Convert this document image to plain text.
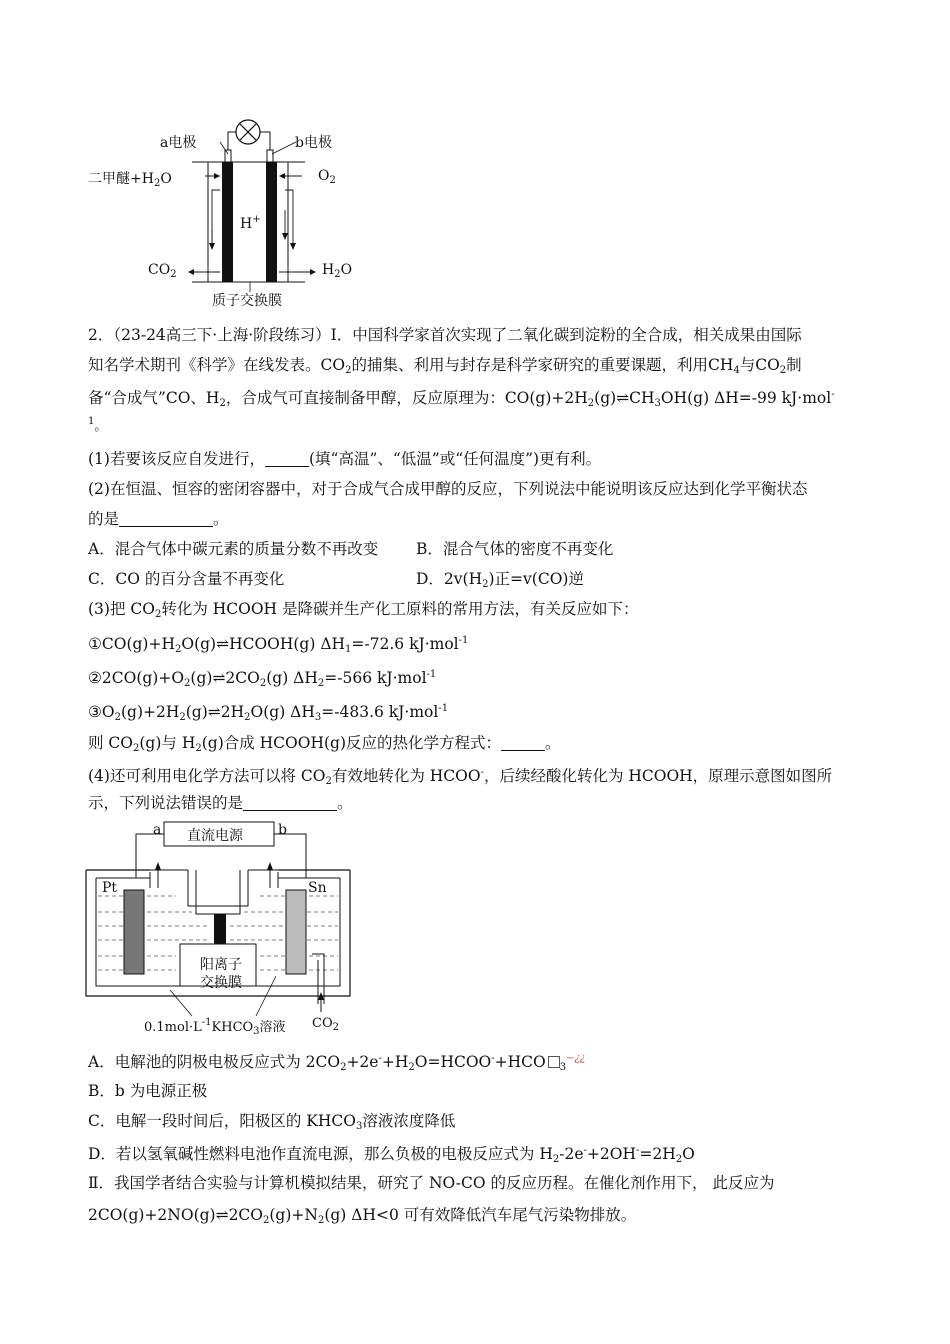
a电极	b电极
二甲醚$+H_2O$	$O_2$
H+
$CO_2$	$H_2O$
质子交换膜
2．（23-24高三下·上海·阶段练习）I．中国科学家首次实现了二氧化碳到淀粉的全合成，相关成果由国际
知名学术期刊《科学》在线发表。$CO_2$的捕集、利用与封存是科学家研究的重要课题，利用$CH_4$与$CO_2$制
备“合成气”CO、$H_2$，合成气可直接制备甲醇，反应原理为：$CO(g)+2H_2(g)\rightleftharpoons CH_3OH(g)$ ΔH=-99 kJ·mol-
$^1$。
(1)若要该反应自发进行，	(填“高温”、“低温”或“任何温度”)更有利。
(2)在恒温、恒容的密闭容器中，对于合成气合成甲醇的反应，下列说法中能说明该反应达到化学平衡状态
的是	。
A．混合气体中碳元素的质量分数不再改变 B．混合气体的密度不再变化
C．CO 的百分含量不再变化	D．$2v(H_2)$正=v(CO)逆
(3)把 $CO_2$转化为 HCOOH 是降碳并生产化工原料的常用方法，有关反应如下：
$①CO(g)+H_2O(g)\rightleftharpoons HCOOH(g)$ $\Delta H_1=-72.6$ kJ·mol$^{-1}$
$②2CO(g)+O_2(g)\rightleftharpoons 2CO_2(g)$ $\Delta H_2=-566$ kJ·mol$^{-1}$
$③O_2(g)+2H_2(g)\rightleftharpoons 2H_2O(g)$ $\Delta H_3=-483.6$ kJ·mol$^{-1}$
则 $CO_2(g)$与 $H_2(g)$合成 HCOOH(g)反应的热化学方程式：	。
(4)还可利用电化学方法可以将 $CO_2$有效地转化为 HCOO-，后续经酸化转化为 HCOOH，原理示意图如图所
示，下列说法错误的是	。
直流电源
a	b
Pt	Sn
阳离子
交换膜
$0.1mol\cdot L^{-1}KHCO_3$溶液 $CO_2$
A．电解池的阴极电极反应式为 $2CO_2+2e^-+H_2O=HCOO^-+HCO$ $_3$−¿¿
B．b 为电源正极
C．电解一段时间后，阳极区的 $KHCO_3$溶液浓度降低
D．若以氢氧碱性燃料电池作直流电源，那么负极的电极反应式为 $H_2-2e^-+2OH^-=2H_2O$
Ⅱ．我国学者结合实验与计算机模拟结果，研究了 NO-CO 的反应历程。在催化剂作用下， 此反应为
$2CO(g)+2NO(g)\rightleftharpoons 2CO_2(g)+N_2(g)$ ΔH<0 可有效降低汽车尾气污染物排放。
